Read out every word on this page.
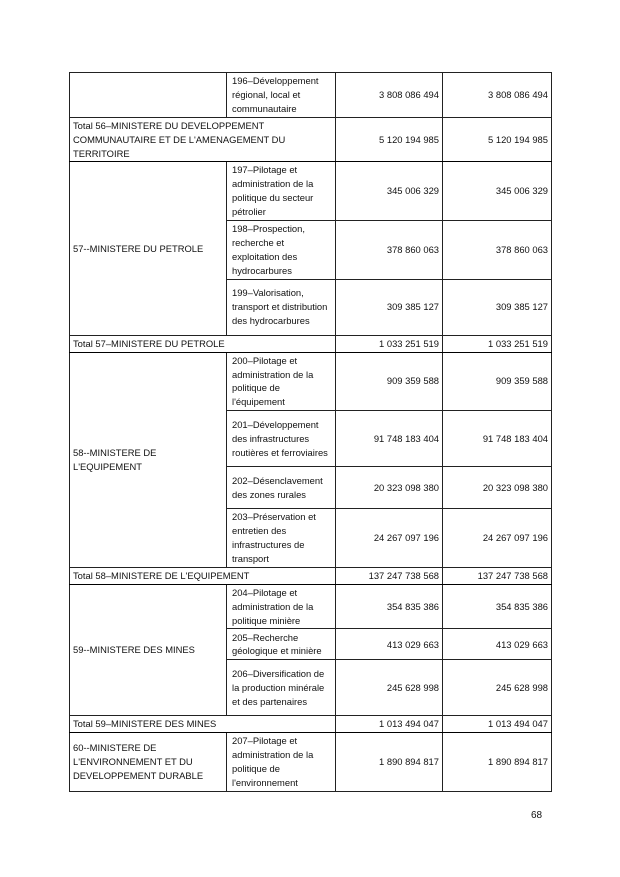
	196–Développement régional, local et communautaire	3 808 086 494	3 808 086 494
Total 56–MINISTERE DU DEVELOPPEMENT COMMUNAUTAIRE ET DE L'AMENAGEMENT DU TERRITOIRE		5 120 194 985	5 120 194 985
57--MINISTERE DU PETROLE	197–Pilotage et administration de la politique du secteur pétrolier	345 006 329	345 006 329
	198–Prospection, recherche et exploitation des hydrocarbures	378 860 063	378 860 063
	199–Valorisation, transport et distribution des hydrocarbures	309 385 127	309 385 127
Total 57–MINISTERE DU PETROLE		1 033 251 519	1 033 251 519
58--MINISTERE DE L'EQUIPEMENT	200–Pilotage et administration de la politique de l'équipement	909 359 588	909 359 588
	201–Développement des infrastructures routières et ferroviaires	91 748 183 404	91 748 183 404
	202–Désenclavement des zones rurales	20 323 098 380	20 323 098 380
	203–Préservation et entretien des infrastructures de transport	24 267 097 196	24 267 097 196
Total 58–MINISTERE DE L'EQUIPEMENT		137 247 738 568	137 247 738 568
59--MINISTERE DES MINES	204–Pilotage et administration de la politique minière	354 835 386	354 835 386
	205–Recherche géologique et minière	413 029 663	413 029 663
	206–Diversification de la production minérale et des partenaires	245 628 998	245 628 998
Total 59–MINISTERE DES MINES		1 013 494 047	1 013 494 047
60--MINISTERE DE L'ENVIRONNEMENT ET DU DEVELOPPEMENT DURABLE	207–Pilotage et administration de la politique de l'environnement	1 890 894 817	1 890 894 817
68
